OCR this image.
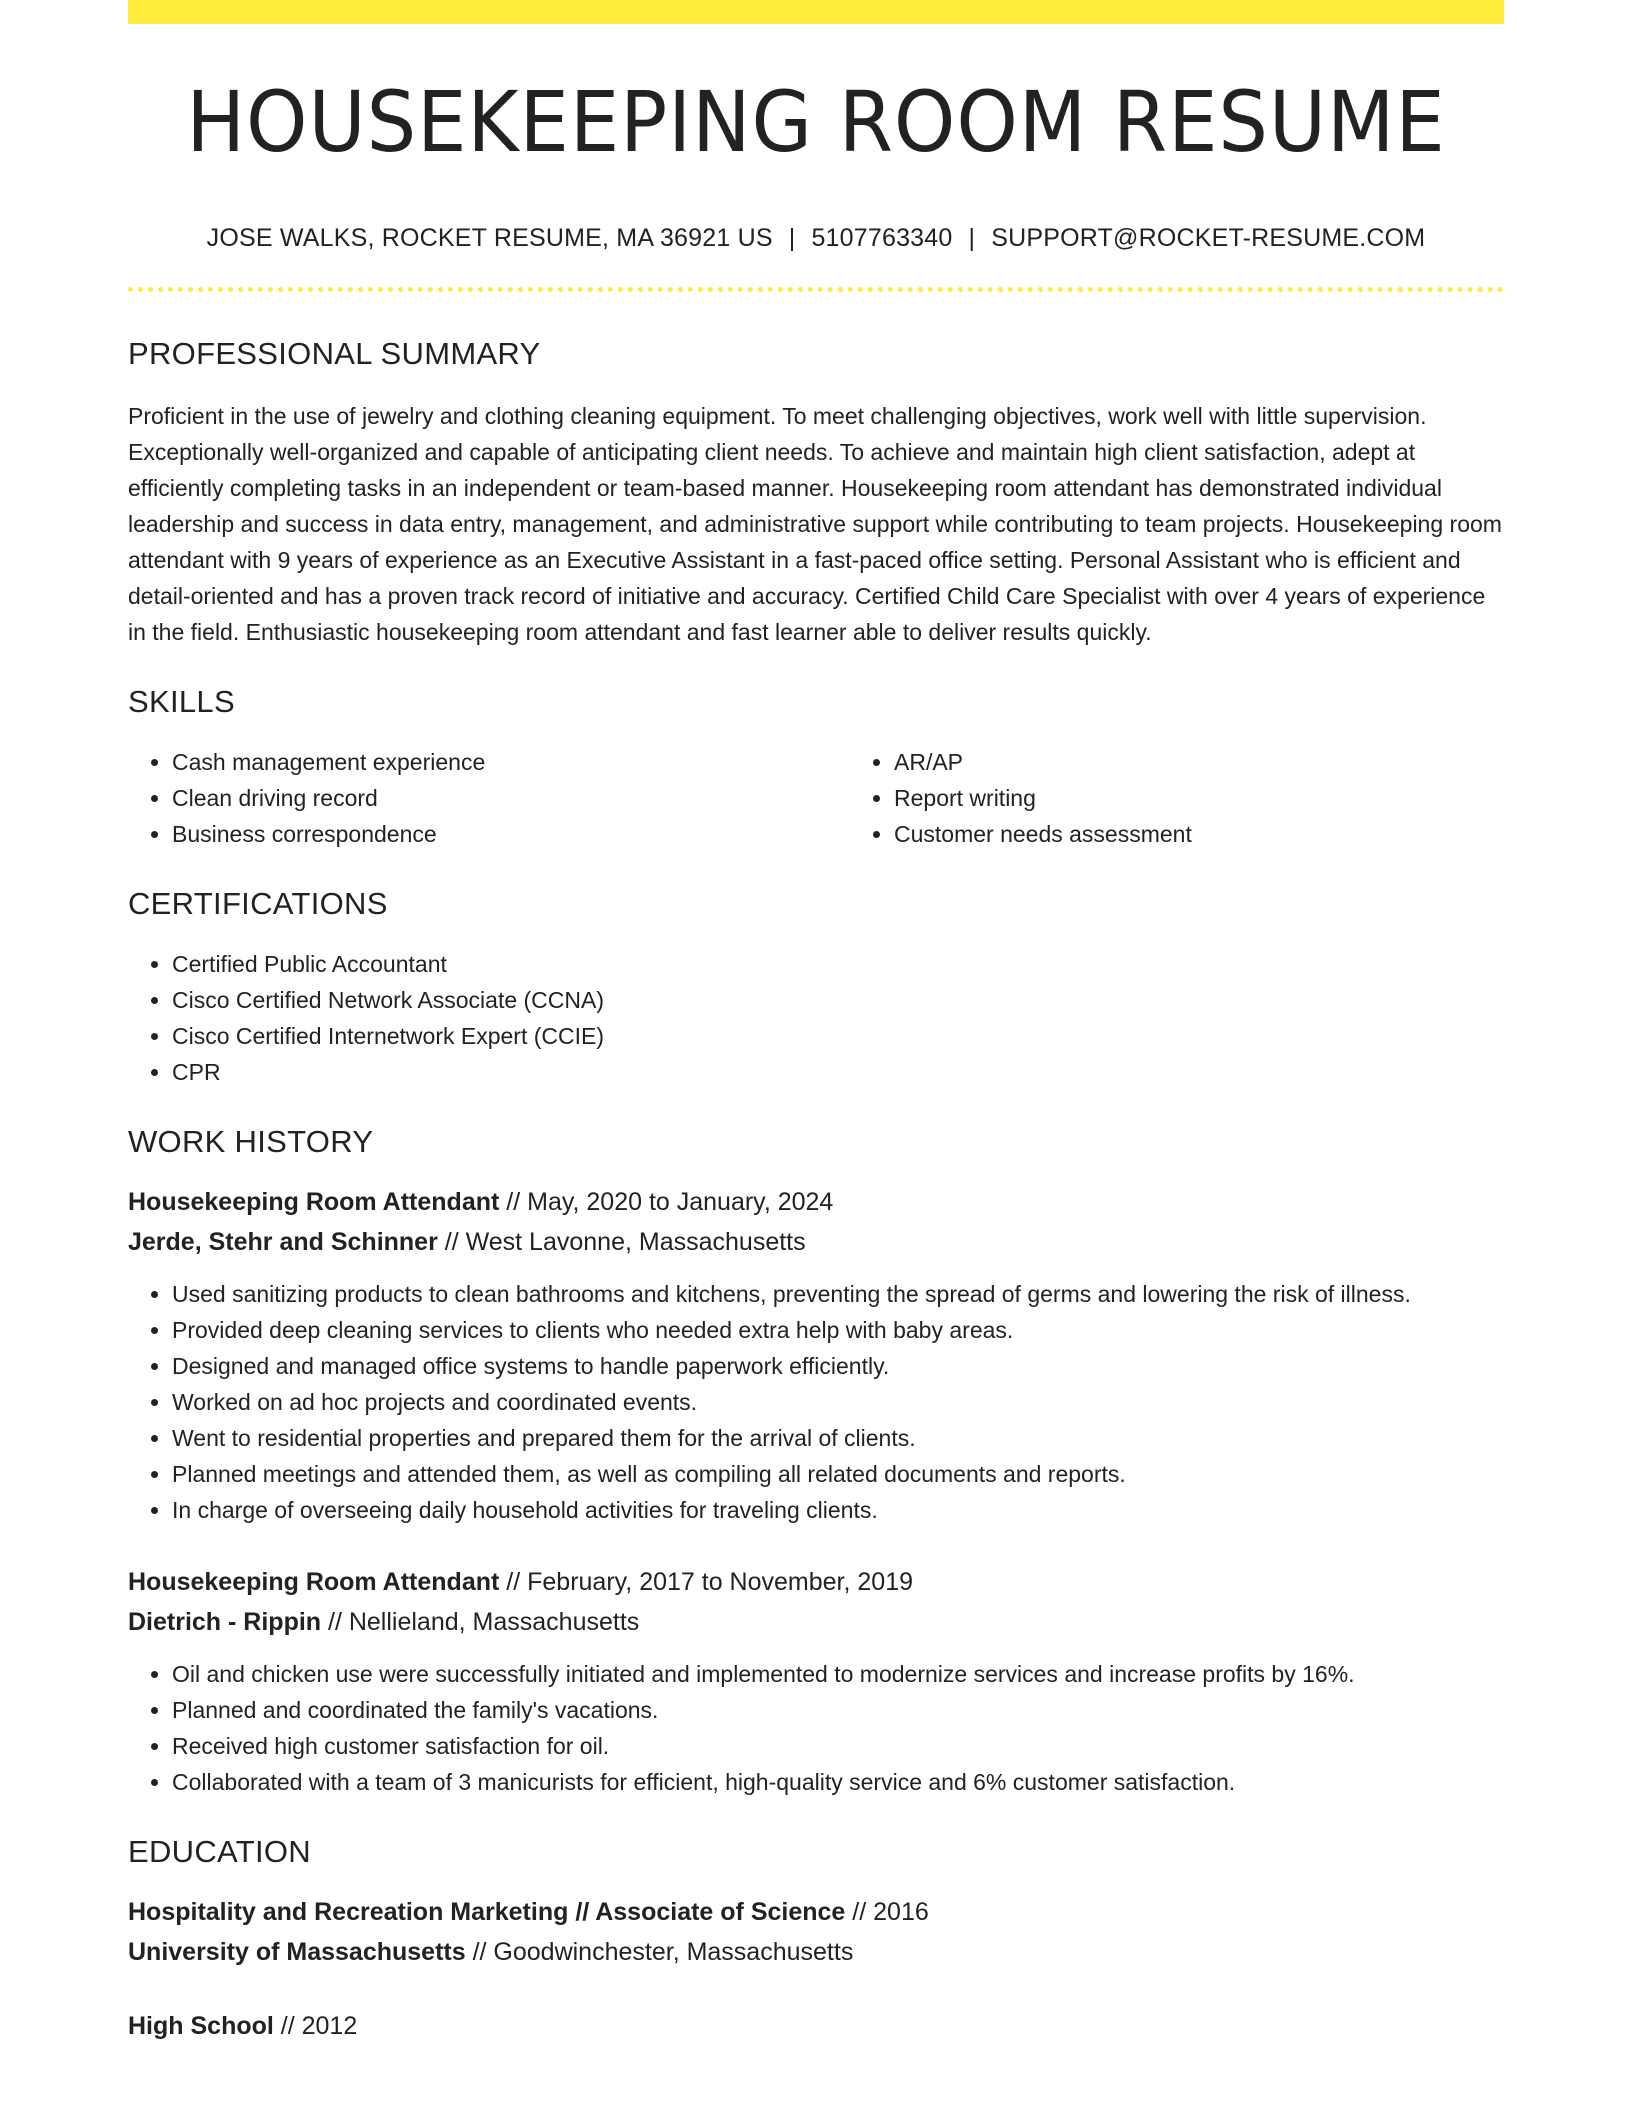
HOUSEKEEPING ROOM RESUME
JOSE WALKS, ROCKET RESUME, MA 36921 US | 5107763340 | SUPPORT@ROCKET-RESUME.COM
PROFESSIONAL SUMMARY

Proficient in the use of jewelry and clothing cleaning equipment. To meet challenging objectives, work well with little supervision. Exceptionally well-organized and capable of anticipating client needs. To achieve and maintain high client satisfaction, adept at efficiently completing tasks in an independent or team-based manner. Housekeeping room attendant has demonstrated individual leadership and success in data entry, management, and administrative support while contributing to team projects. Housekeeping room attendant with 9 years of experience as an Executive Assistant in a fast-paced office setting. Personal Assistant who is efficient and detail-oriented and has a proven track record of initiative and accuracy. Certified Child Care Specialist with over 4 years of experience in the field. Enthusiastic housekeeping room attendant and fast learner able to deliver results quickly.

SKILLS
• Cash management experience
• Clean driving record
• Business correspondence
• AR/AP
• Report writing
• Customer needs assessment
CERTIFICATIONS
• Certified Public Accountant
• Cisco Certified Network Associate (CCNA)
• Cisco Certified Internetwork Expert (CCIE)
• CPR
WORK HISTORY
Housekeeping Room Attendant // May, 2020 to January, 2024
Jerde, Stehr and Schinner // West Lavonne, Massachusetts
• Used sanitizing products to clean bathrooms and kitchens, preventing the spread of germs and lowering the risk of illness.
• Provided deep cleaning services to clients who needed extra help with baby areas.
• Designed and managed office systems to handle paperwork efficiently.
• Worked on ad hoc projects and coordinated events.
• Went to residential properties and prepared them for the arrival of clients.
• Planned meetings and attended them, as well as compiling all related documents and reports.
• In charge of overseeing daily household activities for traveling clients.
Housekeeping Room Attendant // February, 2017 to November, 2019
Dietrich - Rippin // Nellieland, Massachusetts
• Oil and chicken use were successfully initiated and implemented to modernize services and increase profits by 16%.
• Planned and coordinated the family's vacations.
• Received high customer satisfaction for oil.
• Collaborated with a team of 3 manicurists for efficient, high-quality service and 6% customer satisfaction.
EDUCATION
Hospitality and Recreation Marketing // Associate of Science // 2016
University of Massachusetts // Goodwinchester, Massachusetts
High School // 2012
